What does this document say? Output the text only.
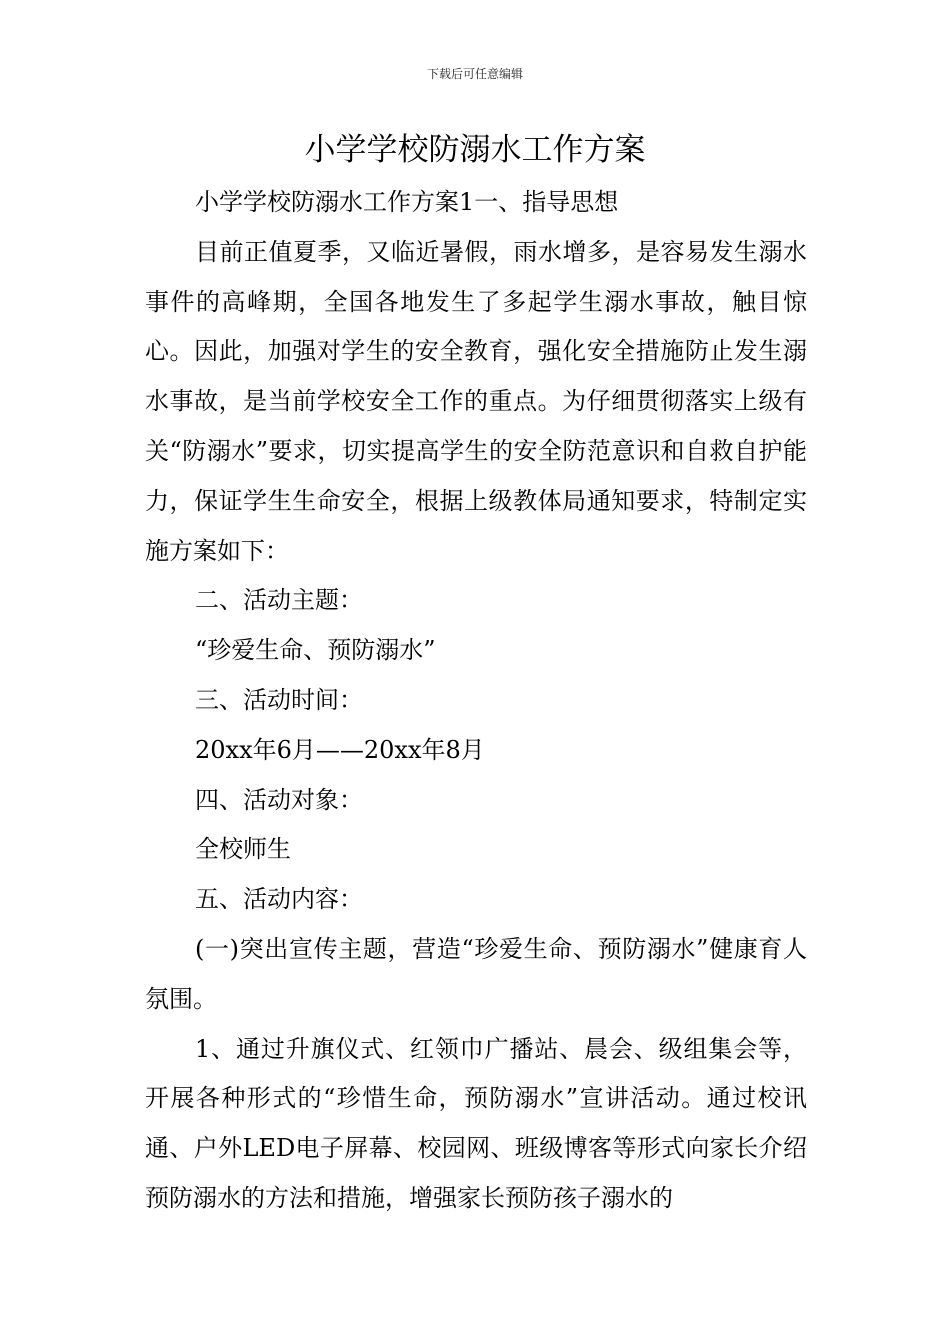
下载后可任意编辑
小学学校防溺水工作方案

小学学校防溺水工作方案1一、指导思想

目前正值夏季，又临近暑假，雨水增多，是容易发生溺水事件的高峰期，全国各地发生了多起学生溺水事故，触目惊心。因此，加强对学生的安全教育，强化安全措施防止发生溺水事故，是当前学校安全工作的重点。为仔细贯彻落实上级有关“防溺水”要求，切实提高学生的安全防范意识和自救自护能力，保证学生生命安全，根据上级教体局通知要求，特制定实施方案如下：

二、活动主题：

“珍爱生命、预防溺水”

三、活动时间：

20xx年6月——20xx年8月

四、活动对象：

全校师生

五、活动内容：

(一)突出宣传主题，营造“珍爱生命、预防溺水”健康育人氛围。

1、通过升旗仪式、红领巾广播站、晨会、级组集会等，开展各种形式的“珍惜生命，预防溺水”宣讲活动。通过校讯通、户外LED电子屏幕、校园网、班级博客等形式向家长介绍预防溺水的方法和措施，增强家长预防孩子溺水的
